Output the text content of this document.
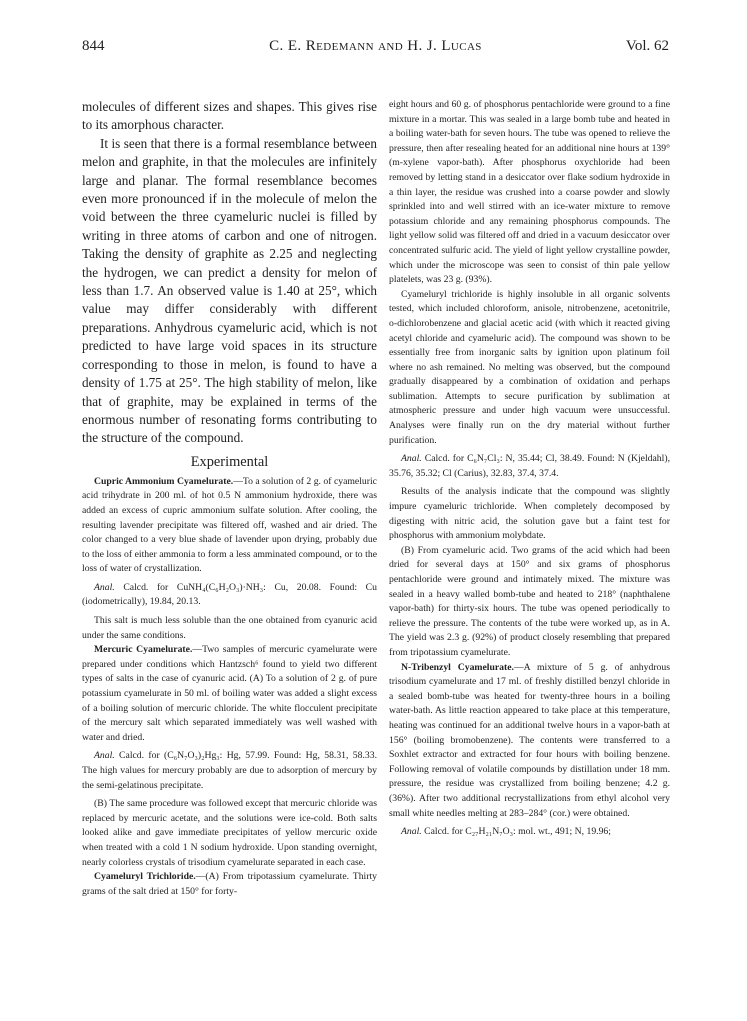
844	C. E. Redemann and H. J. Lucas	Vol. 62

molecules of different sizes and shapes. This gives rise to its amorphous character.

It is seen that there is a formal resemblance between melon and graphite, in that the molecules are infinitely large and planar. The formal resemblance becomes even more pronounced if in the molecule of melon the void between the three cyameluric nuclei is filled by writing in three atoms of carbon and one of nitrogen. Taking the density of graphite as 2.25 and neglecting the hydrogen, we can predict a density for melon of less than 1.7. An observed value is 1.40 at 25°, which value may differ considerably with different preparations. Anhydrous cyameluric acid, which is not predicted to have large void spaces in its structure corresponding to those in melon, is found to have a density of 1.75 at 25°. The high stability of melon, like that of graphite, may be explained in terms of the enormous number of resonating forms contributing to the structure of the compound.

Experimental

Cupric Ammonium Cyamelurate.—To a solution of 2 g. of cyameluric acid trihydrate in 200 ml. of hot 0.5 N ammonium hydroxide, there was added an excess of cupric ammonium sulfate solution. After cooling, the resulting lavender precipitate was filtered off, washed and air dried. The color changed to a very blue shade of lavender upon drying, probably due to the loss of either ammonia to form a less amminated compound, or to the loss of water of crystallization.

Anal. Calcd. for CuNH₄(C₆H₂O₃)·NH₃: Cu, 20.08. Found: Cu (iodometrically), 19.84, 20.13.

This salt is much less soluble than the one obtained from cyanuric acid under the same conditions.

Mercuric Cyamelurate.—Two samples of mercuric cyamelurate were prepared under conditions which Hantzsch⁶ found to yield two different types of salts in the case of cyanuric acid. (A) To a solution of 2 g. of pure potassium cyamelurate in 50 ml. of boiling water was added a slight excess of a boiling solution of mercuric chloride. The white flocculent precipitate of the mercury salt which separated immediately was well washed with water and dried.

Anal. Calcd. for (C₆N₇O₃)₂Hg₃: Hg, 57.99. Found: Hg, 58.31, 58.33. The high values for mercury probably are due to adsorption of mercury by the semi-gelatinous precipitate.

(B) The same procedure was followed except that mercuric chloride was replaced by mercuric acetate, and the solutions were ice-cold. Both salts looked alike and gave immediate precipitates of yellow mercuric oxide when treated with a cold 1 N sodium hydroxide. Upon standing overnight, nearly colorless crystals of trisodium cyamelurate separated in each case.

Cyameluryl Trichloride.—(A) From tripotassium cyamelurate. Thirty grams of the salt dried at 150° for forty-

eight hours and 60 g. of phosphorus pentachloride were ground to a fine mixture in a mortar. This was sealed in a large bomb tube and heated in a boiling water-bath for seven hours. The tube was opened to relieve the pressure, then after resealing heated for an additional nine hours at 139° (m-xylene vapor-bath). After phosphorus oxychloride had been removed by letting stand in a desiccator over flake sodium hydroxide in a thin layer, the residue was crushed into a coarse powder and slowly sprinkled into and well stirred with an ice-water mixture to remove potassium chloride and any remaining phosphorus compounds. The light yellow solid was filtered off and dried in a vacuum desiccator over concentrated sulfuric acid. The yield of light yellow crystalline powder, which under the microscope was seen to consist of thin pale yellow platelets, was 23 g. (93%).

Cyameluryl trichloride is highly insoluble in all organic solvents tested, which included chloroform, anisole, nitrobenzene, acetonitrile, o-dichlorobenzene and glacial acetic acid (with which it reacted giving acetyl chloride and cyameluric acid). The compound was shown to be essentially free from inorganic salts by ignition upon platinum foil where no ash remained. No melting was observed, but the compound gradually disappeared by a combination of oxidation and perhaps sublimation. Attempts to secure purification by sublimation at atmospheric pressure and under high vacuum were unsuccessful. Analyses were finally run on the dry material without further purification.

Anal. Calcd. for C₆N₇Cl₃: N, 35.44; Cl, 38.49. Found: N (Kjeldahl), 35.76, 35.32; Cl (Carius), 32.83, 37.4, 37.4.

Results of the analysis indicate that the compound was slightly impure cyameluric trichloride. When completely decomposed by digesting with nitric acid, the solution gave but a faint test for phosphorus with ammonium molybdate.

(B) From cyameluric acid. Two grams of the acid which had been dried for several days at 150° and six grams of phosphorus pentachloride were ground and intimately mixed. The mixture was sealed in a heavy walled bomb-tube and heated to 218° (naphthalene vapor-bath) for thirty-six hours. The tube was opened periodically to relieve the pressure. The contents of the tube were worked up, as in A. The yield was 2.3 g. (92%) of product closely resembling that prepared from tripotassium cyamelurate.

N-Tribenzyl Cyamelurate.—A mixture of 5 g. of anhydrous trisodium cyamelurate and 17 ml. of freshly distilled benzyl chloride in a sealed bomb-tube was heated for twenty-three hours in a boiling water-bath. As little reaction appeared to take place at this temperature, heating was continued for an additional twelve hours in a vapor-bath at 156° (boiling bromobenzene). The contents were transferred to a Soxhlet extractor and extracted for four hours with boiling benzene. Following removal of volatile compounds by distillation under 18 mm. pressure, the residue was crystallized from boiling benzene; 4.2 g. (36%). After two additional recrystallizations from ethyl alcohol very small white needles melting at 283–284° (cor.) were obtained.

Anal. Calcd. for C₂₇H₂₁N₇O₃: mol. wt., 491; N, 19.96;
